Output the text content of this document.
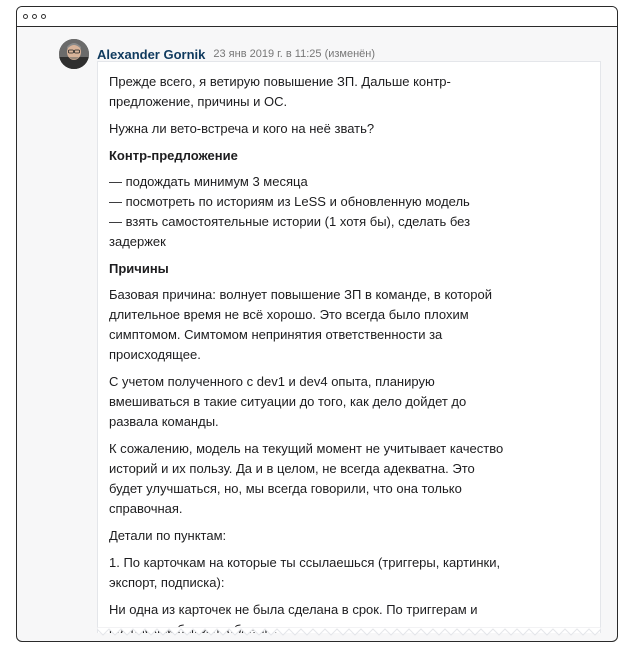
Alexander Gornik 23 янв 2019 г. в 11:25 (изменён)
Прежде всего, я ветирую повышение ЗП. Дальше контр-
предложение, причины и ОС.
Нужна ли вето-встреча и кого на неё звать?
Контр-предложение
— подождать минимум 3 месяца
— посмотреть по историям из LeSS и обновленную модель
— взять самостоятельные истории (1 хотя бы), сделать без
задержек
Причины
Базовая причина: волнует повышение ЗП в команде, в которой
длительное время не всё хорошо. Это всегда было плохим
симптомом. Симтомом непринятия ответственности за
происходящее.
С учетом полученного с dev1 и dev4 опыта, планирую
вмешиваться в такие ситуации до того, как дело дойдет до
развала команды.
К сожалению, модель на текущий момент не учитывает качество
историй и их пользу. Да и в целом, не всегда адекватна. Это
будет улучшаться, но, мы всегда говорили, что она только
справочная.
Детали по пунктам:
1. По карточкам на которые ты ссылаешься (триггеры, картинки,
экспорт, подписка):
Ни одна из карточек не была сделана в срок. По триггерам и
